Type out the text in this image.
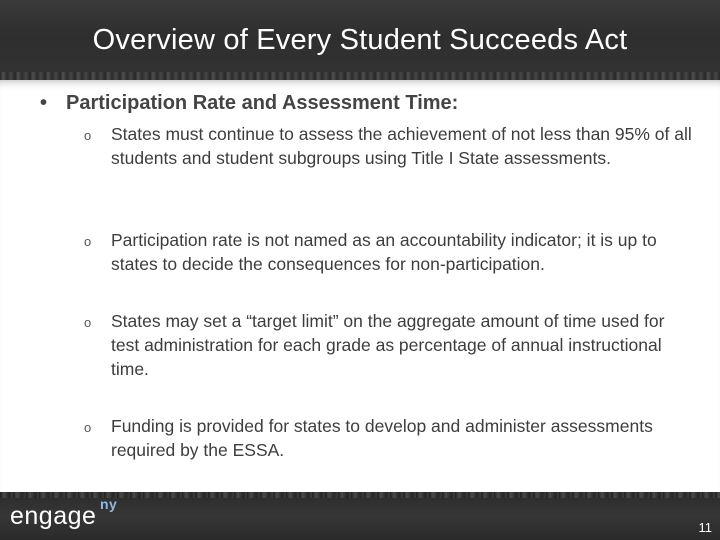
Overview of Every Student Succeeds Act
• Participation Rate and Assessment Time:
o States must continue to assess the achievement of not less than 95% of all students and student subgroups using Title I State assessments.
o Participation rate is not named as an accountability indicator; it is up to states to decide the consequences for non-participation.
o States may set a “target limit” on the aggregate amount of time used for test administration for each grade as percentage of annual instructional time.
o Funding is provided for states to develop and administer assessments required by the ESSA.
engage ny
11
